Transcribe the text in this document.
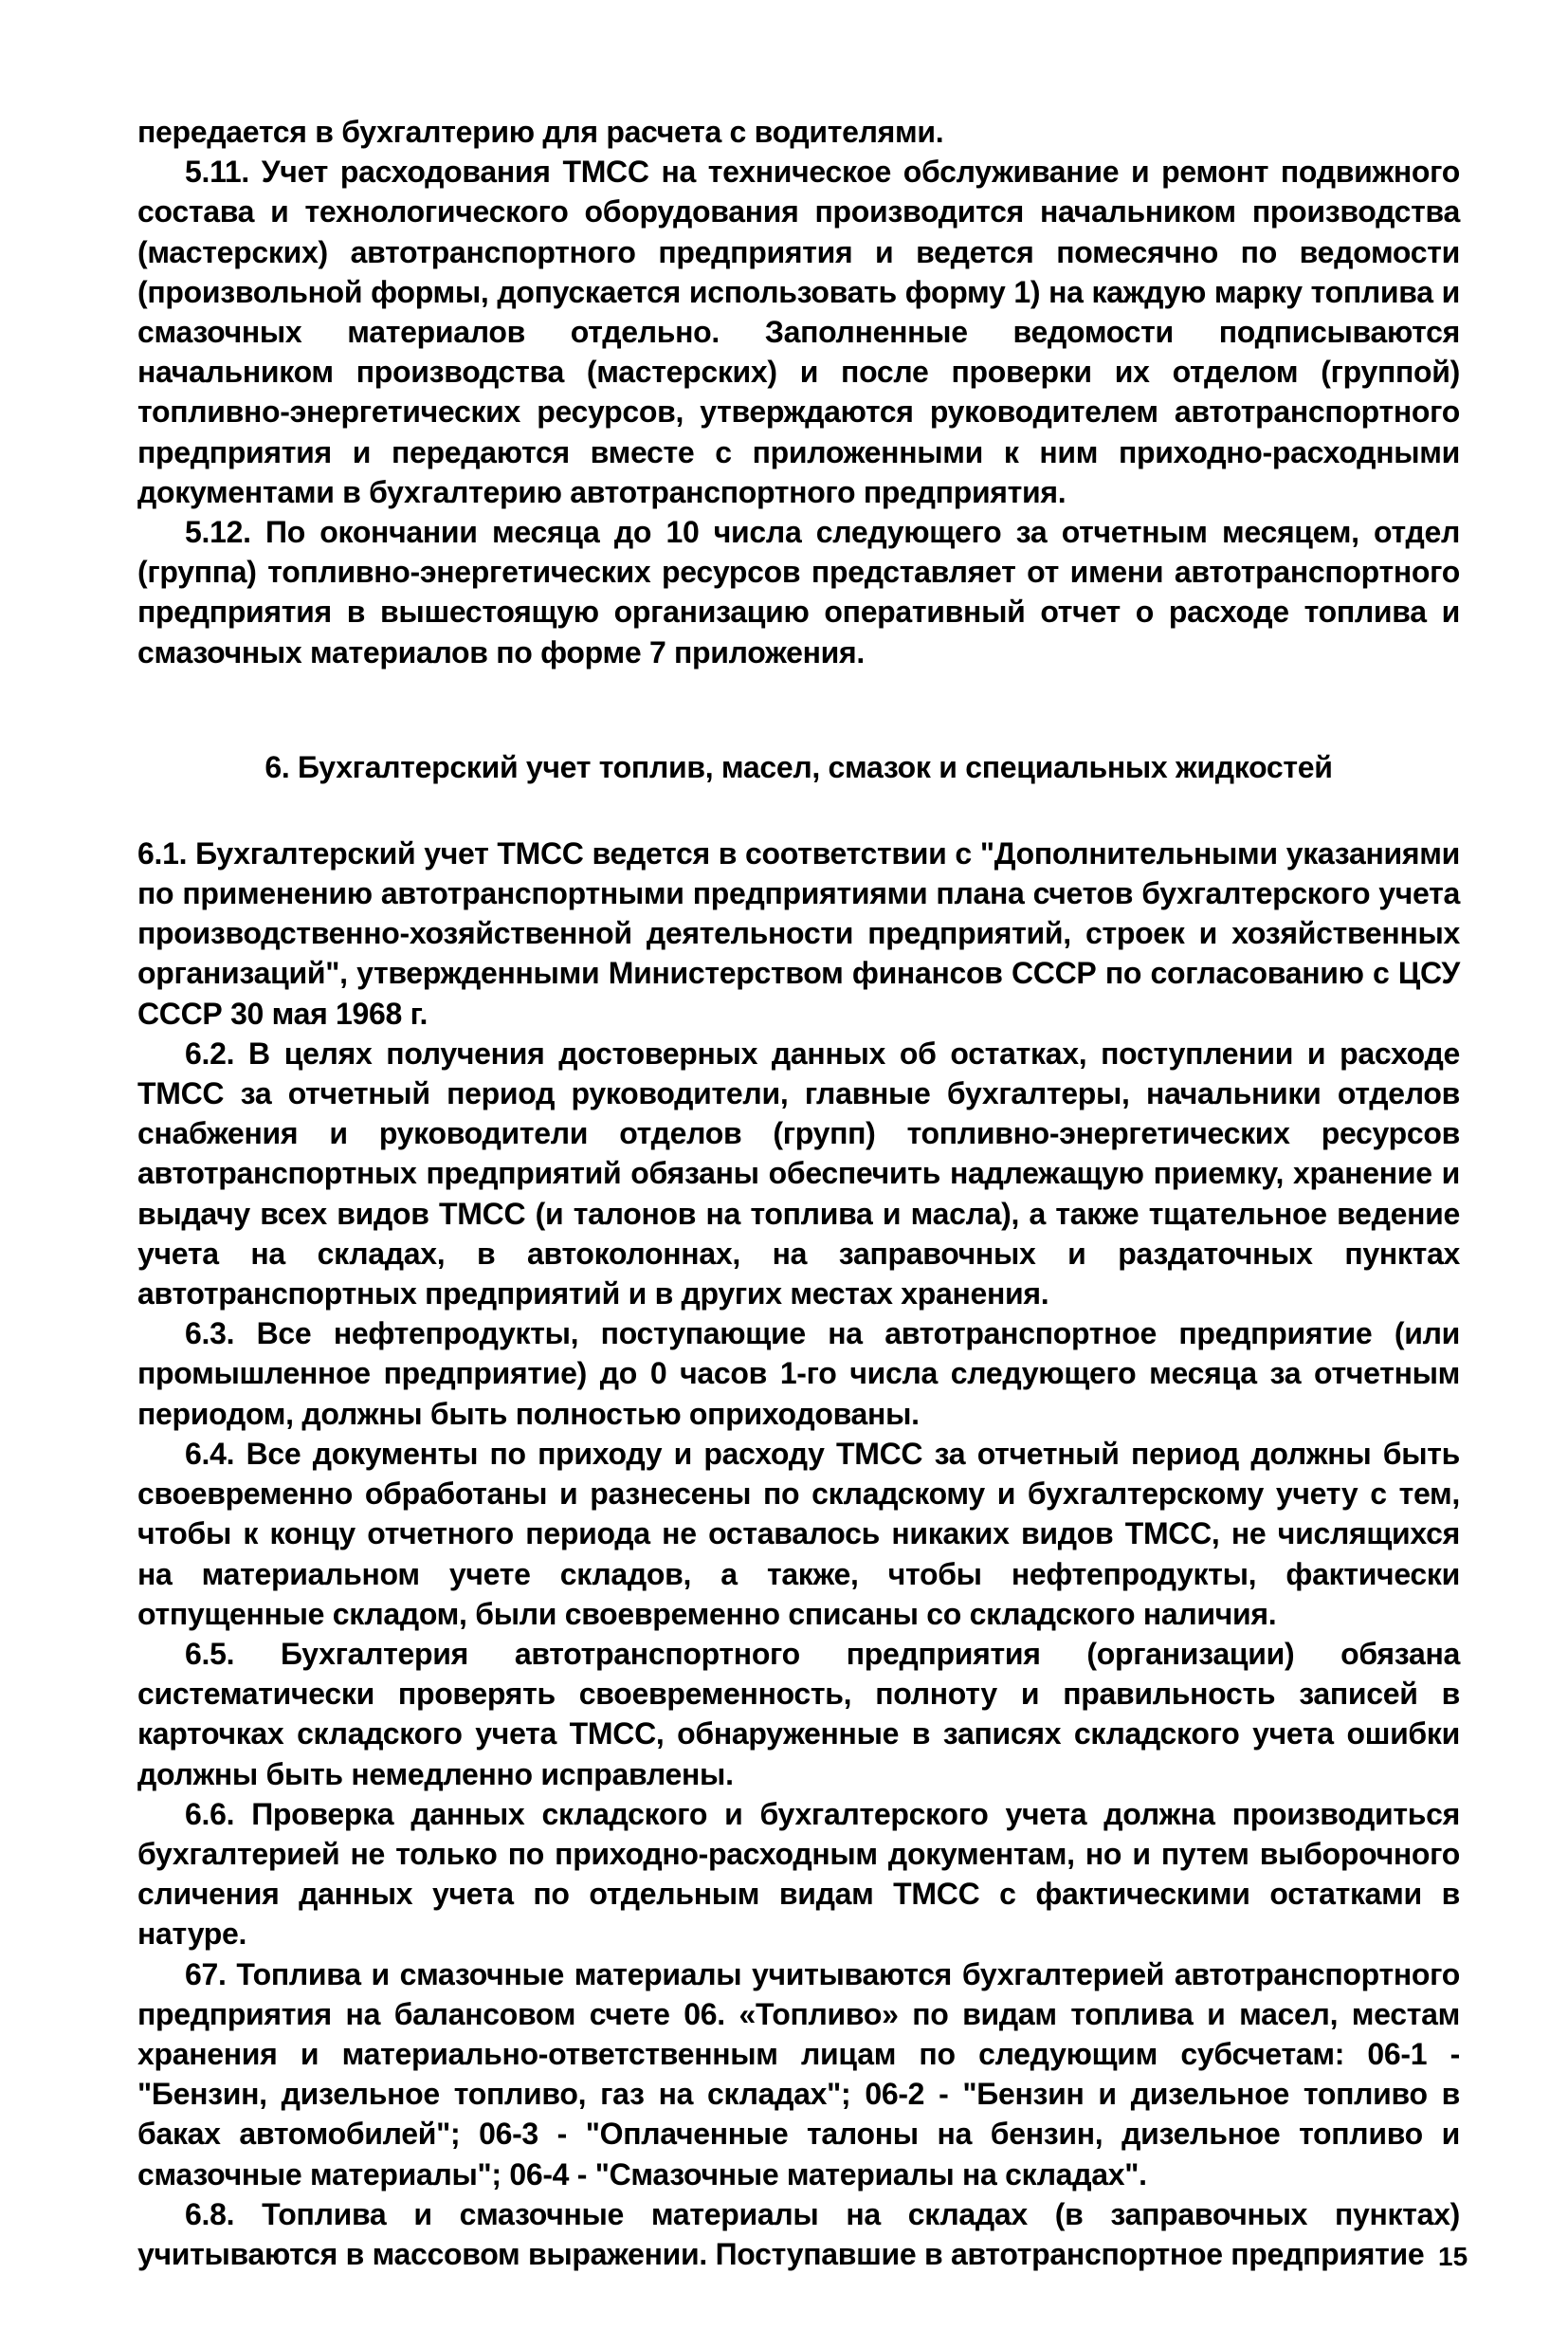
передается в бухгалтерию для расчета с водителями.

5.11. Учет расходования ТМСС на техническое обслуживание и ремонт подвижного состава и технологического оборудования производится начальником производства (мастерских) автотранспортного предприятия и ведется помесячно по ведомости (произвольной формы, допускается использовать форму 1) на каждую марку топлива и смазочных материалов отдельно. Заполненные ведомости подписываются начальником производства (мастерских) и после проверки их отделом (группой) топливно-энергетических ресурсов, утверждаются руководителем автотранспортного предприятия и передаются вместе с приложенными к ним приходно-расходными документами в бухгалтерию автотранспортного предприятия.

5.12. По окончании месяца до 10 числа следующего за отчетным месяцем, отдел (группа) топливно-энергетических ресурсов представляет от имени автотранспортного предприятия в вышестоящую организацию оперативный отчет о расходе топлива и смазочных материалов по форме 7 приложения.

6. Бухгалтерский учет топлив, масел, смазок и специальных жидкостей

6.1. Бухгалтерский учет ТМСС ведется в соответствии с "Дополнительными указаниями по применению автотранспортными предприятиями плана счетов бухгалтерского учета производственно-хозяйственной деятельности предприятий, строек и хозяйственных организаций", утвержденными Министерством финансов СССР по согласованию с ЦСУ СССР 30 мая 1968 г.

6.2. В целях получения достоверных данных об остатках, поступлении и расходе ТМСС за отчетный период руководители, главные бухгалтеры, начальники отделов снабжения и руководители отделов (групп) топливно-энергетических ресурсов автотранспортных предприятий обязаны обеспечить надлежащую приемку, хранение и выдачу всех видов ТМСС (и талонов на топлива и масла), а также тщательное ведение учета на складах, в автоколоннах, на заправочных и раздаточных пунктах автотранспортных предприятий и в других местах хранения.

6.3. Все нефтепродукты, поступающие на автотранспортное предприятие (или промышленное предприятие) до 0 часов 1-го числа следующего месяца за отчетным периодом, должны быть полностью оприходованы.

6.4. Все документы по приходу и расходу ТМСС за отчетный период должны быть своевременно обработаны и разнесены по складскому и бухгалтерскому учету с тем, чтобы к концу отчетного периода не оставалось никаких видов ТМСС, не числящихся на материальном учете складов, а также, чтобы нефтепродукты, фактически отпущенные складом, были своевременно списаны со складского наличия.

6.5. Бухгалтерия автотранспортного предприятия (организации) обязана систематически проверять своевременность, полноту и правильность записей в карточках складского учета ТМСС, обнаруженные в записях складского учета ошибки должны быть немедленно исправлены.

6.6. Проверка данных складского и бухгалтерского учета должна производиться бухгалтерией не только по приходно-расходным документам, но и путем выборочного сличения данных учета по отдельным видам ТМСС с фактическими остатками в натуре.

67. Топлива и смазочные материалы учитываются бухгалтерией автотранспортного предприятия на балансовом счете 06. «Топливо» по видам топлива и масел, местам хранения и материально-ответственным лицам по следующим субсчетам: 06-1 - "Бензин, дизельное топливо, газ на складах"; 06-2 - "Бензин и дизельное топливо в баках автомобилей"; 06-3 - "Оплаченные талоны на бензин, дизельное топливо и смазочные материалы"; 06-4 - "Смазочные материалы на складах".

6.8. Топлива и смазочные материалы на складах (в заправочных пунктах) учитываются в массовом выражении. Поступавшие в автотранспортное предприятие 15
